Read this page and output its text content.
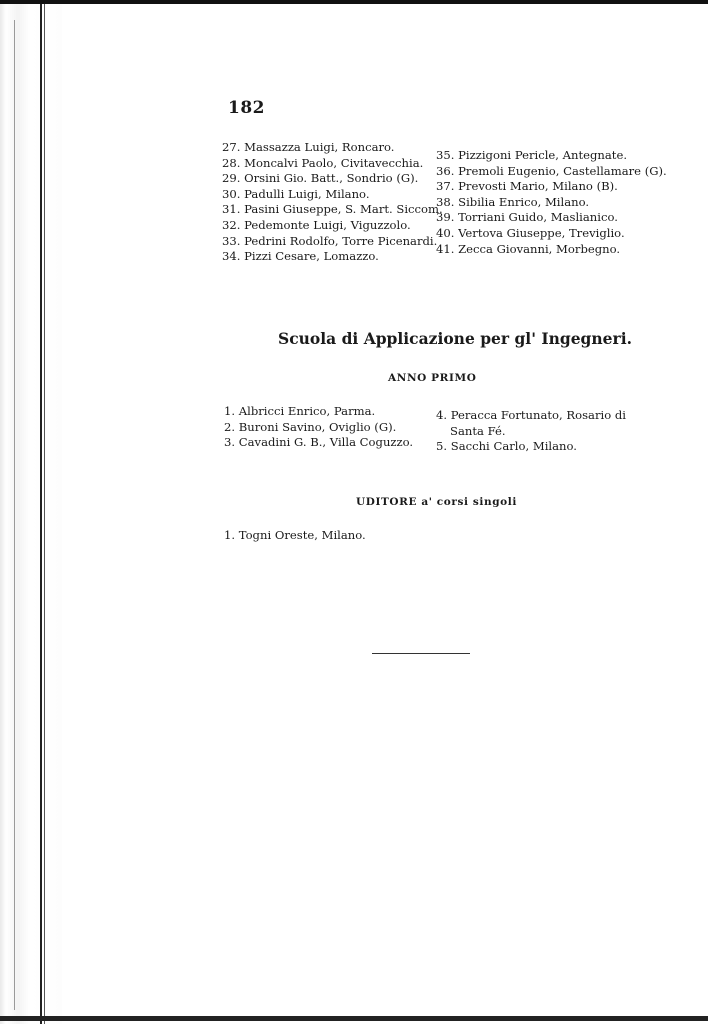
182
27. Massazza Luigi, Roncaro.
28. Moncalvi Paolo, Civitavecchia.
29. Orsini Gio. Batt., Sondrio (G).
30. Padulli Luigi, Milano.
31. Pasini Giuseppe, S. Mart. Siccom.
32. Pedemonte Luigi, Viguzzolo.
33. Pedrini Rodolfo, Torre Picenardi.
34. Pizzi Cesare, Lomazzo.
35. Pizzigoni Pericle, Antegnate.
36. Premoli Eugenio, Castellamare (G).
37. Prevosti Mario, Milano (B).
38. Sibilia Enrico, Milano.
39. Torriani Guido, Maslianico.
40. Vertova Giuseppe, Treviglio.
41. Zecca Giovanni, Morbegno.
Scuola di Applicazione per gl' Ingegneri.
ANNO PRIMO
1. Albricci Enrico, Parma.
2. Buroni Savino, Oviglio (G).
3. Cavadini G. B., Villa Coguzzo.
4. Peracca Fortunato, Rosario di
Santa Fé.
5. Sacchi Carlo, Milano.
UDITORE a' corsi singoli
1. Togni Oreste, Milano.
